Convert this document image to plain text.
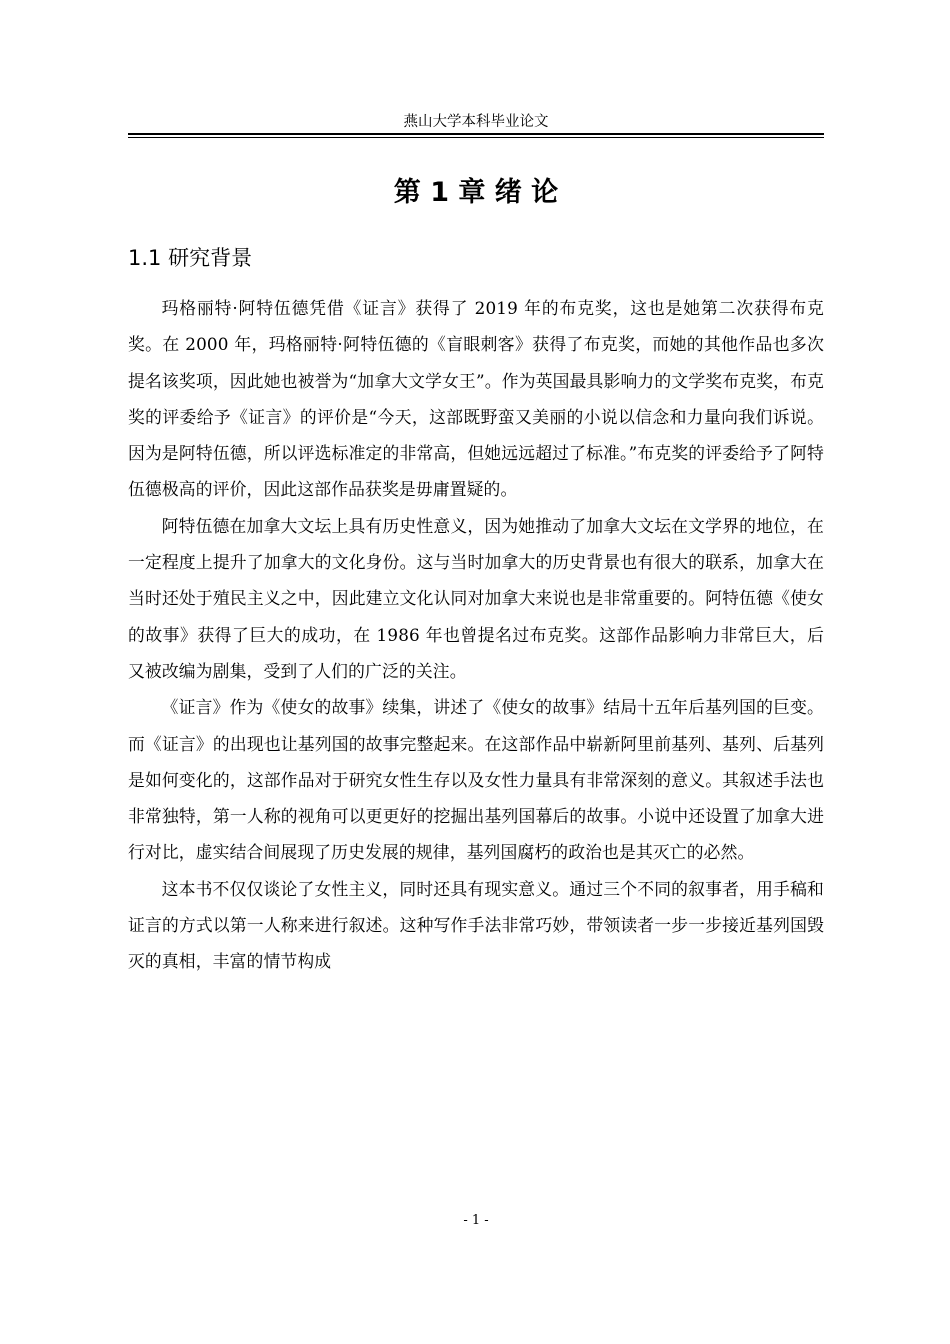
燕山大学本科毕业论文
第 1 章 绪 论
1.1 研究背景

玛格丽特·阿特伍德凭借《证言》获得了 2019 年的布克奖，这也是她第二次获得布克奖。在 2000 年，玛格丽特·阿特伍德的《盲眼刺客》获得了布克奖，而她的其他作品也多次提名该奖项，因此她也被誉为“加拿大文学女王”。作为英国最具影响力的文学奖布克奖，布克奖的评委给予《证言》的评价是“今天，这部既野蛮又美丽的小说以信念和力量向我们诉说。因为是阿特伍德，所以评选标准定的非常高，但她远远超过了标准。”布克奖的评委给予了阿特伍德极高的评价，因此这部作品获奖是毋庸置疑的。

阿特伍德在加拿大文坛上具有历史性意义，因为她推动了加拿大文坛在文学界的地位，在一定程度上提升了加拿大的文化身份。这与当时加拿大的历史背景也有很大的联系，加拿大在当时还处于殖民主义之中，因此建立文化认同对加拿大来说也是非常重要的。阿特伍德《使女的故事》获得了巨大的成功，在 1986 年也曾提名过布克奖。这部作品影响力非常巨大，后又被改编为剧集，受到了人们的广泛的关注。

《证言》作为《使女的故事》续集，讲述了《使女的故事》结局十五年后基列国的巨变。而《证言》的出现也让基列国的故事完整起来。在这部作品中崭新阿里前基列、基列、后基列是如何变化的，这部作品对于研究女性生存以及女性力量具有非常深刻的意义。其叙述手法也非常独特，第一人称的视角可以更更好的挖掘出基列国幕后的故事。小说中还设置了加拿大进行对比，虚实结合间展现了历史发展的规律，基列国腐朽的政治也是其灭亡的必然。

这本书不仅仅谈论了女性主义，同时还具有现实意义。通过三个不同的叙事者，用手稿和证言的方式以第一人称来进行叙述。这种写作手法非常巧妙，带领读者一步一步接近基列国毁灭的真相，丰富的情节构成

- 1 -
